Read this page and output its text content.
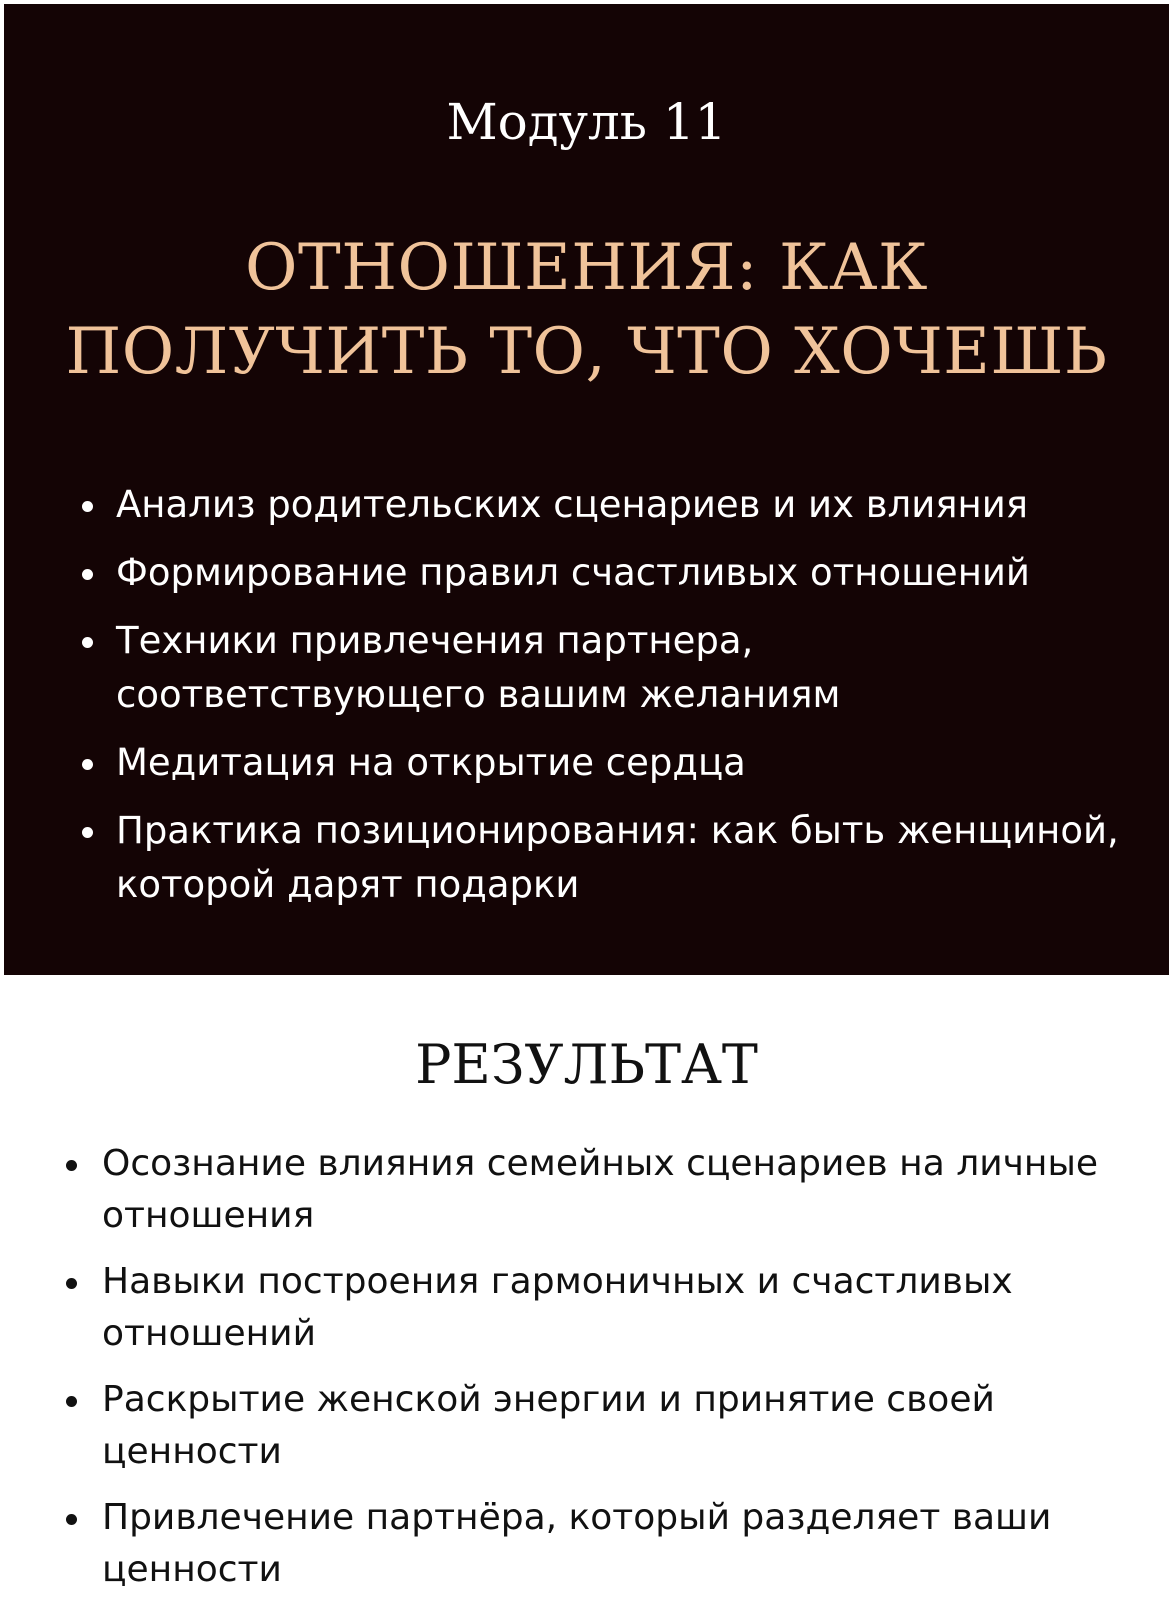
Модуль 11
ОТНОШЕНИЯ: КАК
ПОЛУЧИТЬ ТО, ЧТО ХОЧЕШЬ
Анализ родительских сценариев и их влияния
Формирование правил счастливых отношений
Техники привлечения партнера, соответствующего вашим желаниям
Медитация на открытие сердца
Практика позиционирования: как быть женщиной, которой дарят подарки
РЕЗУЛЬТАТ
Осознание влияния семейных сценариев на личные отношения
Навыки построения гармоничных и счастливых отношений
Раскрытие женской энергии и принятие своей ценности
Привлечение партнёра, который разделяет ваши ценности
